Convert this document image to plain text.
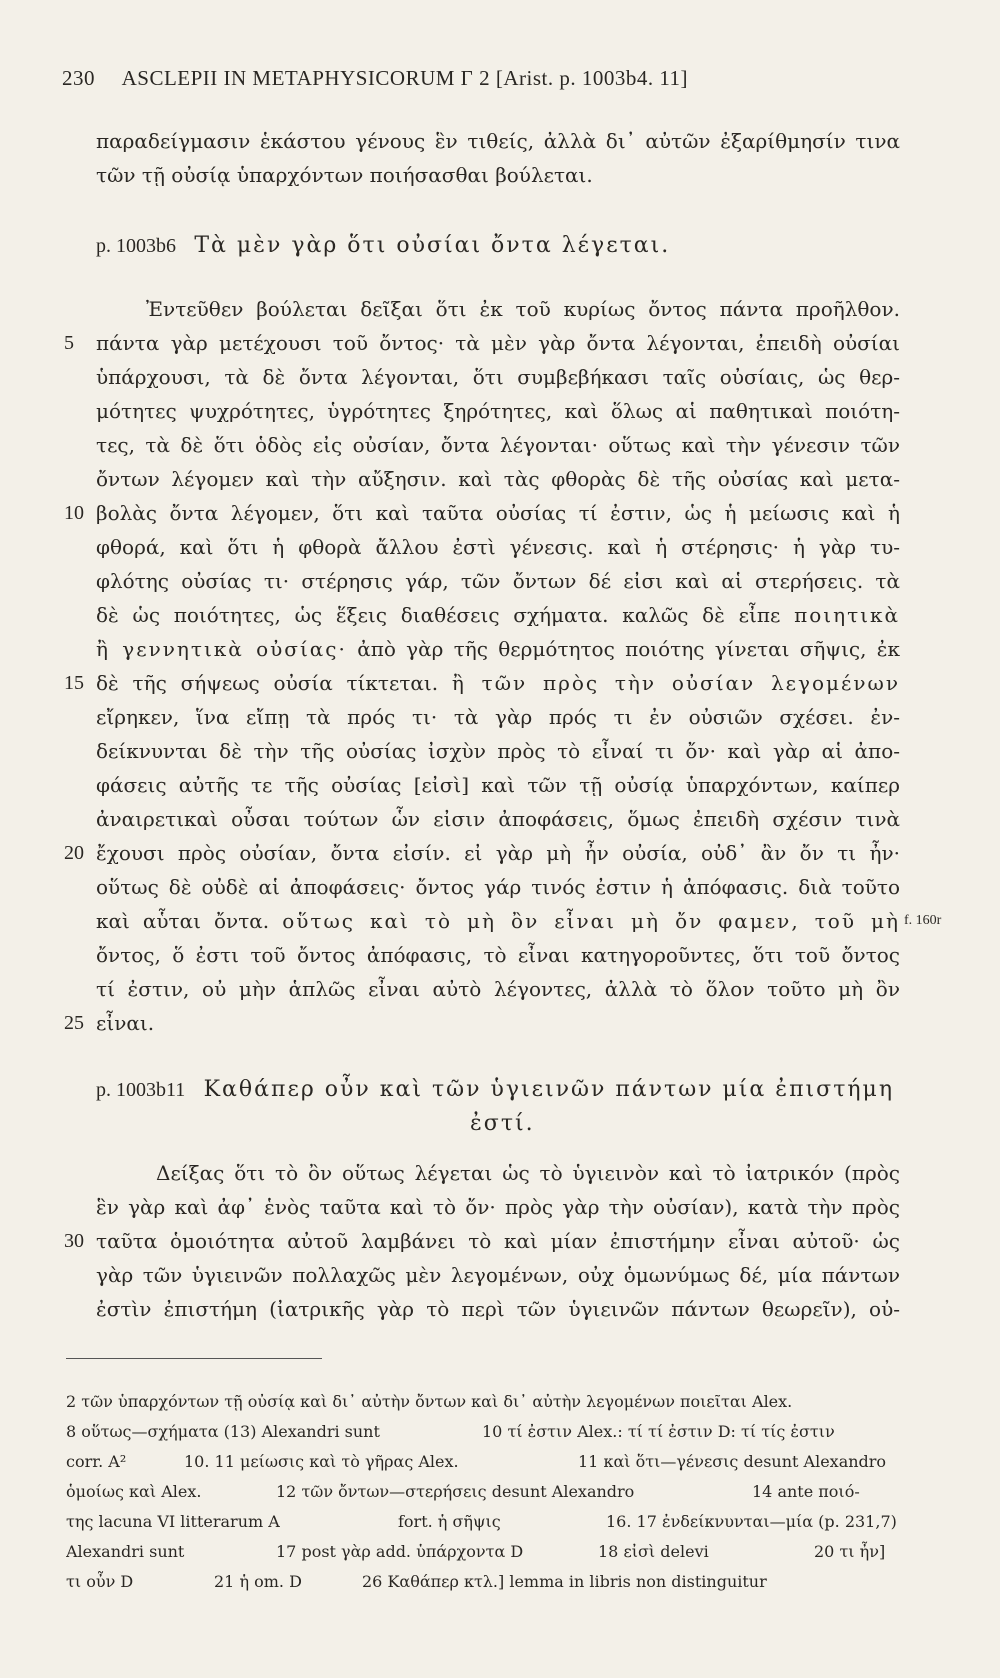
230 ASCLEPII IN METAPHYSICORUM Γ 2 [Arist. p. 1003b4. 11]
παραδείγμασιν ἑκάστου γένους ἓν τιθείς, ἀλλὰ δι᾽ αὐτῶν ἐξαρίθμησίν τινα
τῶν τῇ οὐσίᾳ ὑπαρχόντων ποιήσασθαι βούλεται.
p. 1003b6 Τὰ μὲν γὰρ ὅτι οὐσίαι ὄντα λέγεται.
Ἐντεῦθεν βούλεται δεῖξαι ὅτι ἐκ τοῦ κυρίως ὄντος πάντα προῆλθον.
5	πάντα γὰρ μετέχουσι τοῦ ὄντος· τὰ μὲν γὰρ ὄντα λέγονται, ἐπειδὴ οὐσίαι
ὑπάρχουσι, τὰ δὲ ὄντα λέγονται, ὅτι συμβεβήκασι ταῖς οὐσίαις, ὡς θερ-
μότητες ψυχρότητες, ὑγρότητες ξηρότητες, καὶ ὅλως αἱ παθητικαὶ ποιότη-
τες, τὰ δὲ ὅτι ὁδὸς εἰς οὐσίαν, ὄντα λέγονται· οὕτως καὶ τὴν γένεσιν τῶν
ὄντων λέγομεν καὶ τὴν αὔξησιν. καὶ τὰς φθορὰς δὲ τῆς οὐσίας καὶ μετα-
10 βολὰς ὄντα λέγομεν, ὅτι καὶ ταῦτα οὐσίας τί ἐστιν, ὡς ἡ μείωσις καὶ ἡ
φθορά, καὶ ὅτι ἡ φθορὰ ἄλλου ἐστὶ γένεσις. καὶ ἡ στέρησις· ἡ γὰρ τυ-
φλότης οὐσίας τι· στέρησις γάρ, τῶν ὄντων δέ εἰσι καὶ αἱ στερήσεις. τὰ
δὲ ὡς ποιότητες, ὡς ἕξεις διαθέσεις σχήματα. καλῶς δὲ εἶπε ποιητικὰ
ἢ γεννητικὰ οὐσίας· ἀπὸ γὰρ τῆς θερμότητος ποιότης γίνεται σῆψις, ἐκ
15 δὲ τῆς σήψεως οὐσία τίκτεται. ἢ τῶν πρὸς τὴν οὐσίαν λεγομένων
εἴρηκεν, ἵνα εἴπῃ τὰ πρός τι· τὰ γὰρ πρός τι ἐν οὐσιῶν σχέσει. ἐν-
δείκνυνται δὲ τὴν τῆς οὐσίας ἰσχὺν πρὸς τὸ εἶναί τι ὄν· καὶ γὰρ αἱ ἀπο-
φάσεις αὐτῆς τε τῆς οὐσίας [εἰσὶ] καὶ τῶν τῇ οὐσίᾳ ὑπαρχόντων, καίπερ
ἀναιρετικαὶ οὖσαι τούτων ὧν εἰσιν ἀποφάσεις, ὅμως ἐπειδὴ σχέσιν τινὰ
20 ἔχουσι πρὸς οὐσίαν, ὄντα εἰσίν. εἰ γὰρ μὴ ἦν οὐσία, οὐδ᾽ ἂν ὄν τι ἦν·
οὕτως δὲ οὐδὲ αἱ ἀποφάσεις· ὄντος γάρ τινός ἐστιν ἡ ἀπόφασις. διὰ τοῦτο
καὶ αὗται ὄντα. οὕτως καὶ τὸ μὴ ὂν εἶναι μὴ ὄν φαμεν, τοῦ μὴ f. 160r
ὄντος, ὅ ἐστι τοῦ ὄντος ἀπόφασις, τὸ εἶναι κατηγοροῦντες, ὅτι τοῦ ὄντος
τί ἐστιν, οὐ μὴν ἁπλῶς εἶναι αὐτὸ λέγοντες, ἀλλὰ τὸ ὅλον τοῦτο μὴ ὂν
25 εἶναι.
p. 1003b11 Καθάπερ οὖν καὶ τῶν ὑγιεινῶν πάντων μία ἐπιστήμη
ἐστί.
Δείξας ὅτι τὸ ὂν οὕτως λέγεται ὡς τὸ ὑγιεινὸν καὶ τὸ ἰατρικόν (πρὸς
ἓν γὰρ καὶ ἀφ᾽ ἑνὸς ταῦτα καὶ τὸ ὄν· πρὸς γὰρ τὴν οὐσίαν), κατὰ τὴν πρὸς
30 ταῦτα ὁμοιότητα αὐτοῦ λαμβάνει τὸ καὶ μίαν ἐπιστήμην εἶναι αὐτοῦ· ὡς
γὰρ τῶν ὑγιεινῶν πολλαχῶς μὲν λεγομένων, οὐχ ὁμωνύμως δέ, μία πάντων
ἐστὶν ἐπιστήμη (ἰατρικῆς γὰρ τὸ περὶ τῶν ὑγιεινῶν πάντων θεωρεῖν), οὐ-
2 τῶν ὑπαρχόντων τῇ οὐσίᾳ καὶ δι᾽ αὐτὴν ὄντων καὶ δι᾽ αὐτὴν λεγομένων ποιεῖται Alex.
8 οὕτως—σχήματα (13) Alexandri sunt	10 τί ἐστιν Alex.: τί τί ἐστιν D: τί τίς ἐστιν
corr. A²	10. 11 μείωσις καὶ τὸ γῆρας Alex.	11 καὶ ὅτι—γένεσις desunt Alexandro
ὁμοίως καὶ Alex.	12 τῶν ὄντων—στερήσεις desunt Alexandro	14 ante ποιό-
της lacuna VI litterarum A	fort. ἡ σῆψις	16. 17 ἐνδείκνυνται—μία (p. 231,7)
Alexandri sunt	17 post γὰρ add. ὑπάρχοντα D	18 εἰσὶ delevi	20 τι ἦν]
τι οὖν D	21 ἡ om. D	26 Καθάπερ κτλ.] lemma in libris non distinguitur
